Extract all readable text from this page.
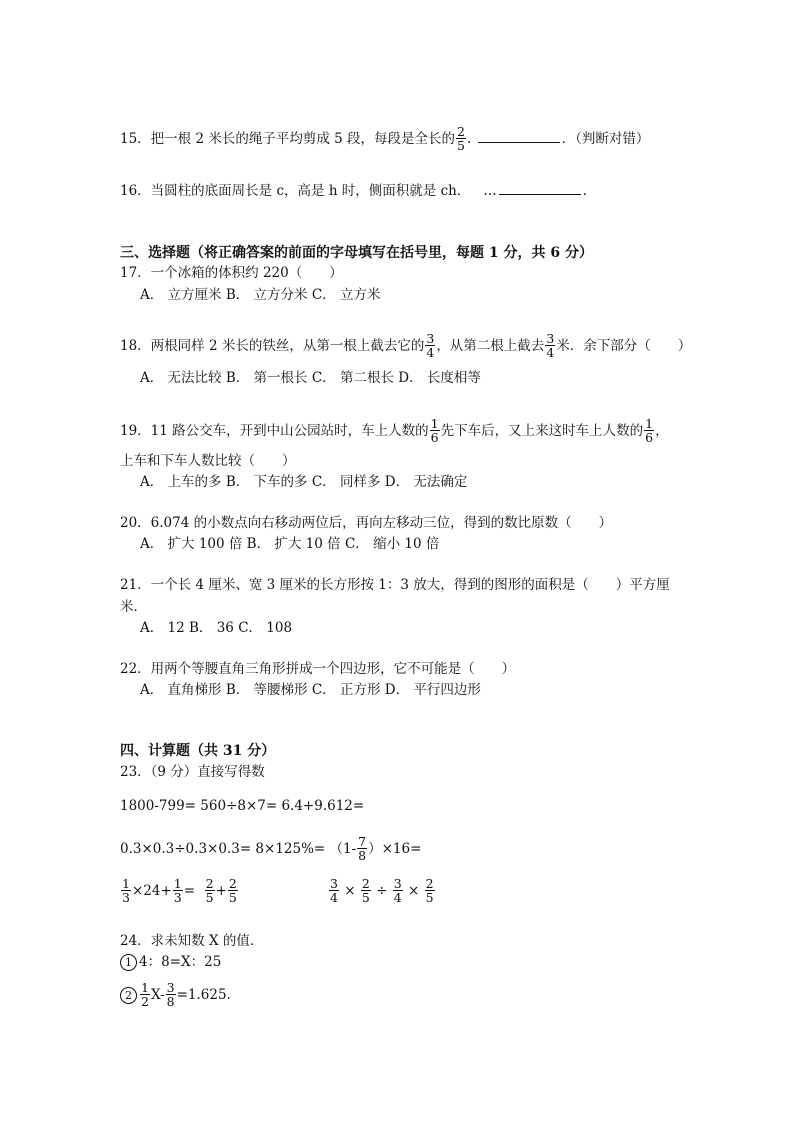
15．把一根 2 米长的绳子平均剪成 5 段，每段是全长的 $\frac{2}{5}$ .	．（判断对错）
16．当圆柱的底面周长是 c，高是 h 时，侧面积就是 ch． …	．
三、选择题（将正确答案的前面的字母填写在括号里，每题 1 分，共 6 分）
17．一个冰箱的体积约 220（　　）
A． 立方厘米 B． 立方分米 C． 立方米
18．两根同样 2 米长的铁丝，从第一根上截去它的 $\frac{3}{4}$ ，从第二根上截去 $\frac{3}{4}$ 米．余下部分（　　）
A． 无法比较 B． 第一根长 C． 第二根长 D． 长度相等
19．11 路公交车，开到中山公园站时，车上人数的 $\frac{1}{6}$ 先下车后，又上来这时车上人数的 $\frac{1}{6}$ ，
上车和下车人数比较（　　）
A． 上车的多 B． 下车的多 C． 同样多 D． 无法确定
20．6.074 的小数点向右移动两位后，再向左移动三位，得到的数比原数（　　）
A． 扩大 100 倍 B． 扩大 10 倍 C． 缩小 10 倍
21．一个长 4 厘米、宽 3 厘米的长方形按 1：3 放大，得到的图形的面积是（　　）平方厘
米．
A． 12 B． 36 C． 108
22．用两个等腰直角三角形拼成一个四边形，它不可能是（　　）
A． 直角梯形 B． 等腰梯形 C． 正方形 D． 平行四边形
四、计算题（共 31 分）
23．（9 分）直接写得数
1800-799= 560÷8×7= 6.4+9.612=
$0.3\times 0.3\div 0.3\times 0.3= 8\times 125\%= (1- \frac{7}{8} )\times 16=$
$\frac{1}{3} \times 24+ \frac{1}{3} = \frac{2}{5} + \frac{2}{5}$	$\frac{3}{4} \times \frac{2}{5} \div \frac{3}{4} \times \frac{2}{5}$
24．求未知数 X 的值．
1 4：8=X：25
$2 \frac{1}{2} X- \frac{3}{8} =1.625$．
